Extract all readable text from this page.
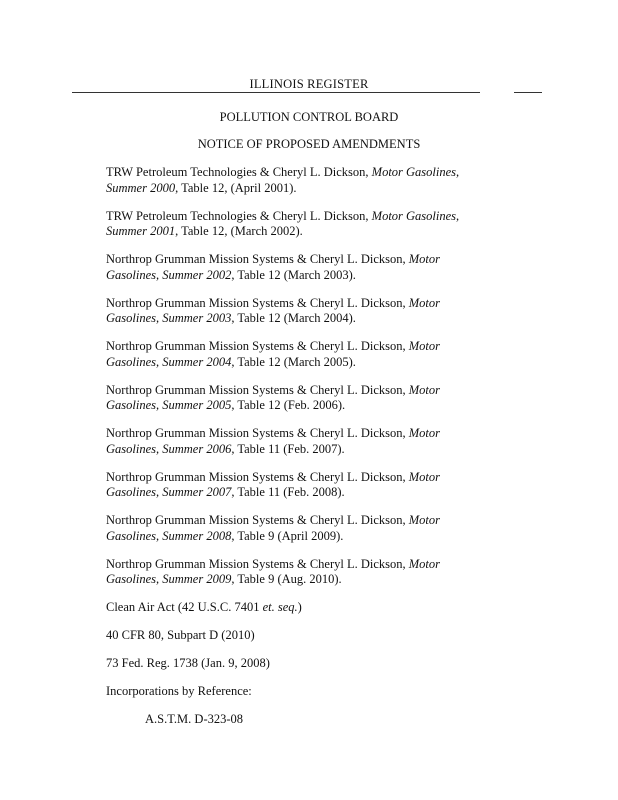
ILLINOIS REGISTER
POLLUTION CONTROL BOARD
NOTICE OF PROPOSED AMENDMENTS

TRW Petroleum Technologies & Cheryl L. Dickson, Motor Gasolines, Summer 2000, Table 12, (April 2001).

TRW Petroleum Technologies & Cheryl L. Dickson, Motor Gasolines, Summer 2001, Table 12, (March 2002).

Northrop Grumman Mission Systems & Cheryl L. Dickson, Motor Gasolines, Summer 2002, Table 12 (March 2003).

Northrop Grumman Mission Systems & Cheryl L. Dickson, Motor Gasolines, Summer 2003, Table 12 (March 2004).

Northrop Grumman Mission Systems & Cheryl L. Dickson, Motor Gasolines, Summer 2004, Table 12 (March 2005).

Northrop Grumman Mission Systems & Cheryl L. Dickson, Motor Gasolines, Summer 2005, Table 12 (Feb. 2006).

Northrop Grumman Mission Systems & Cheryl L. Dickson, Motor Gasolines, Summer 2006, Table 11 (Feb. 2007).

Northrop Grumman Mission Systems & Cheryl L. Dickson, Motor Gasolines, Summer 2007, Table 11 (Feb. 2008).

Northrop Grumman Mission Systems & Cheryl L. Dickson, Motor Gasolines, Summer 2008, Table 9 (April 2009).

Northrop Grumman Mission Systems & Cheryl L. Dickson, Motor Gasolines, Summer 2009, Table 9 (Aug. 2010).

Clean Air Act (42 U.S.C. 7401 et. seq.)

40 CFR 80, Subpart D (2010)

73 Fed. Reg. 1738 (Jan. 9, 2008)

Incorporations by Reference:

A.S.T.M. D-323-08
